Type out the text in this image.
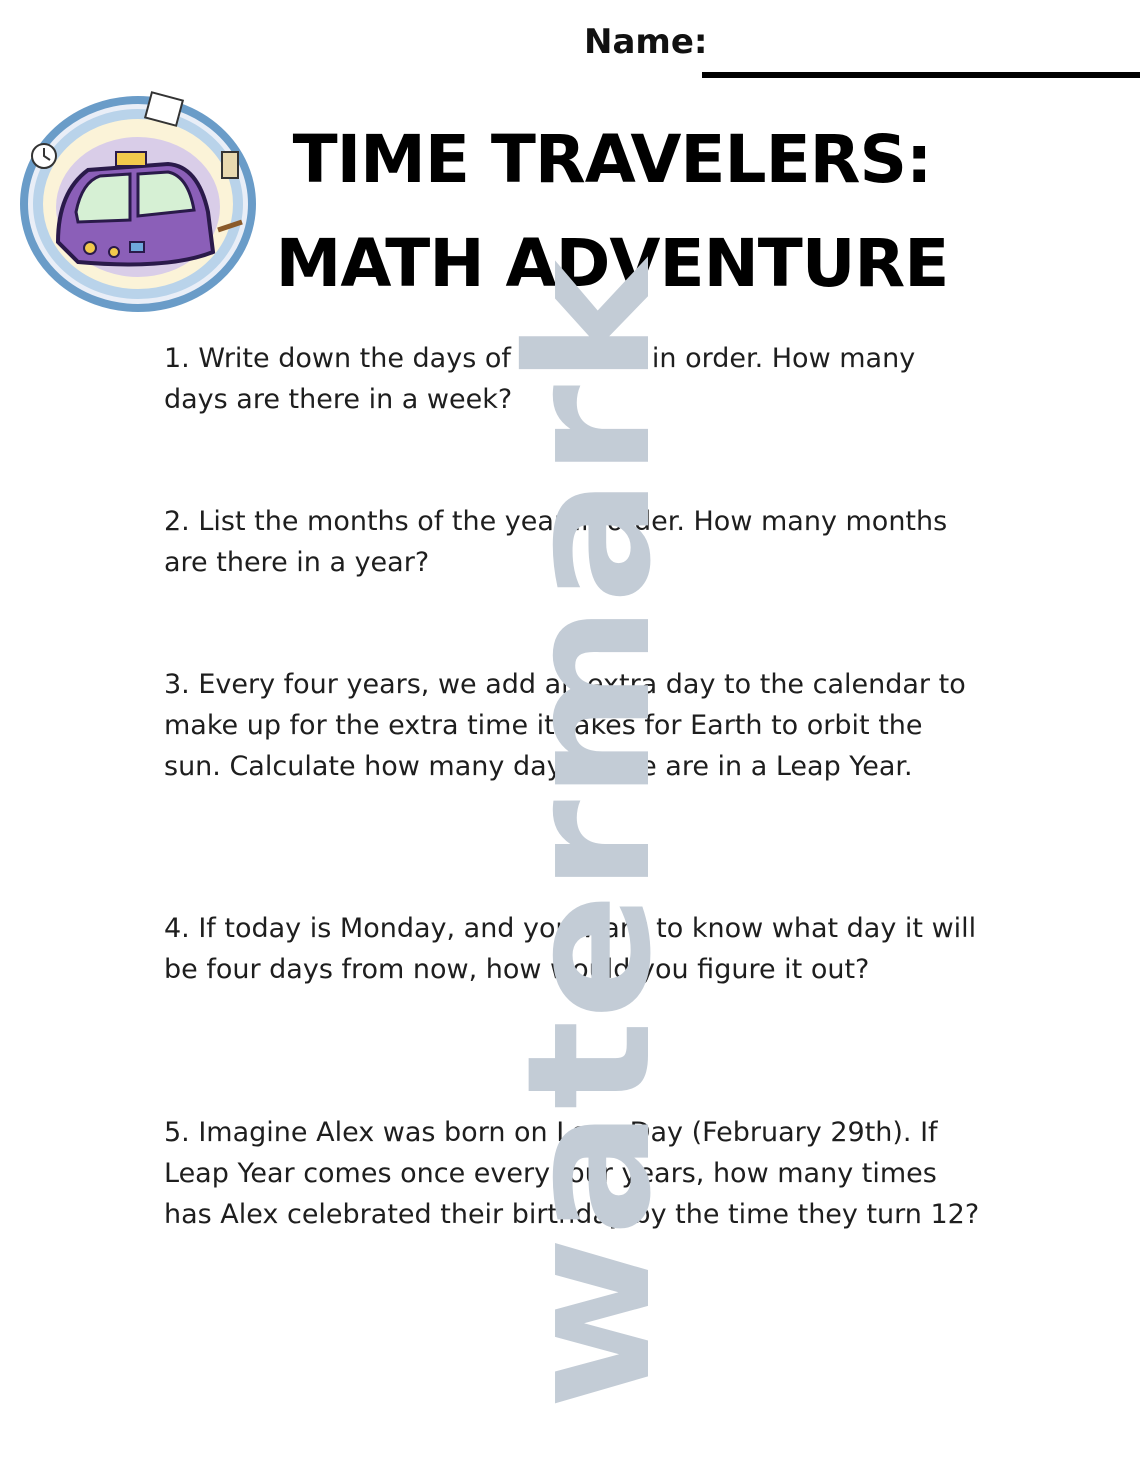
Name:
TIME TRAVELERS:
MATH ADVENTURE

1. Write down the days of the week in order. How many days are there in a week?

2. List the months of the year in order. How many months are there in a year?

3. Every four years, we add an extra day to the calendar to make up for the extra time it takes for Earth to orbit the sun. Calculate how many days there are in a Leap Year.

4. If today is Monday, and you want to know what day it will be four days from now, how would you figure it out?

5. Imagine Alex was born on Leap Day (February 29th). If Leap Year comes once every four years, how many times has Alex celebrated their birthday by the time they turn 12?

watermark
